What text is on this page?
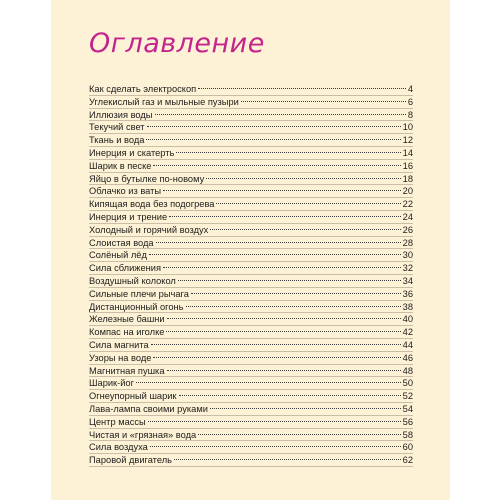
Оглавление
Как сделать электроскоп	4
Углекислый газ и мыльные пузыри	6
Иллюзия воды	8
Текучий свет	10
Ткань и вода	12
Инерция и скатерть	14
Шарик в песке	16
Яйцо в бутылке по-новому	18
Облачко из ваты	20
Кипящая вода без подогрева	22
Инерция и трение	24
Холодный и горячий воздух	26
Слоистая вода	28
Солёный лёд	30
Сила сближения	32
Воздушный колокол	34
Сильные плечи рычага	36
Дистанционный огонь	38
Железные башни	40
Компас на иголке	42
Сила магнита	44
Узоры на воде	46
Магнитная пушка	48
Шарик-йог	50
Огнеупорный шарик	52
Лава-лампа своими руками	54
Центр массы	56
Чистая и «грязная» вода	58
Сила воздуха	60
Паровой двигатель	62
